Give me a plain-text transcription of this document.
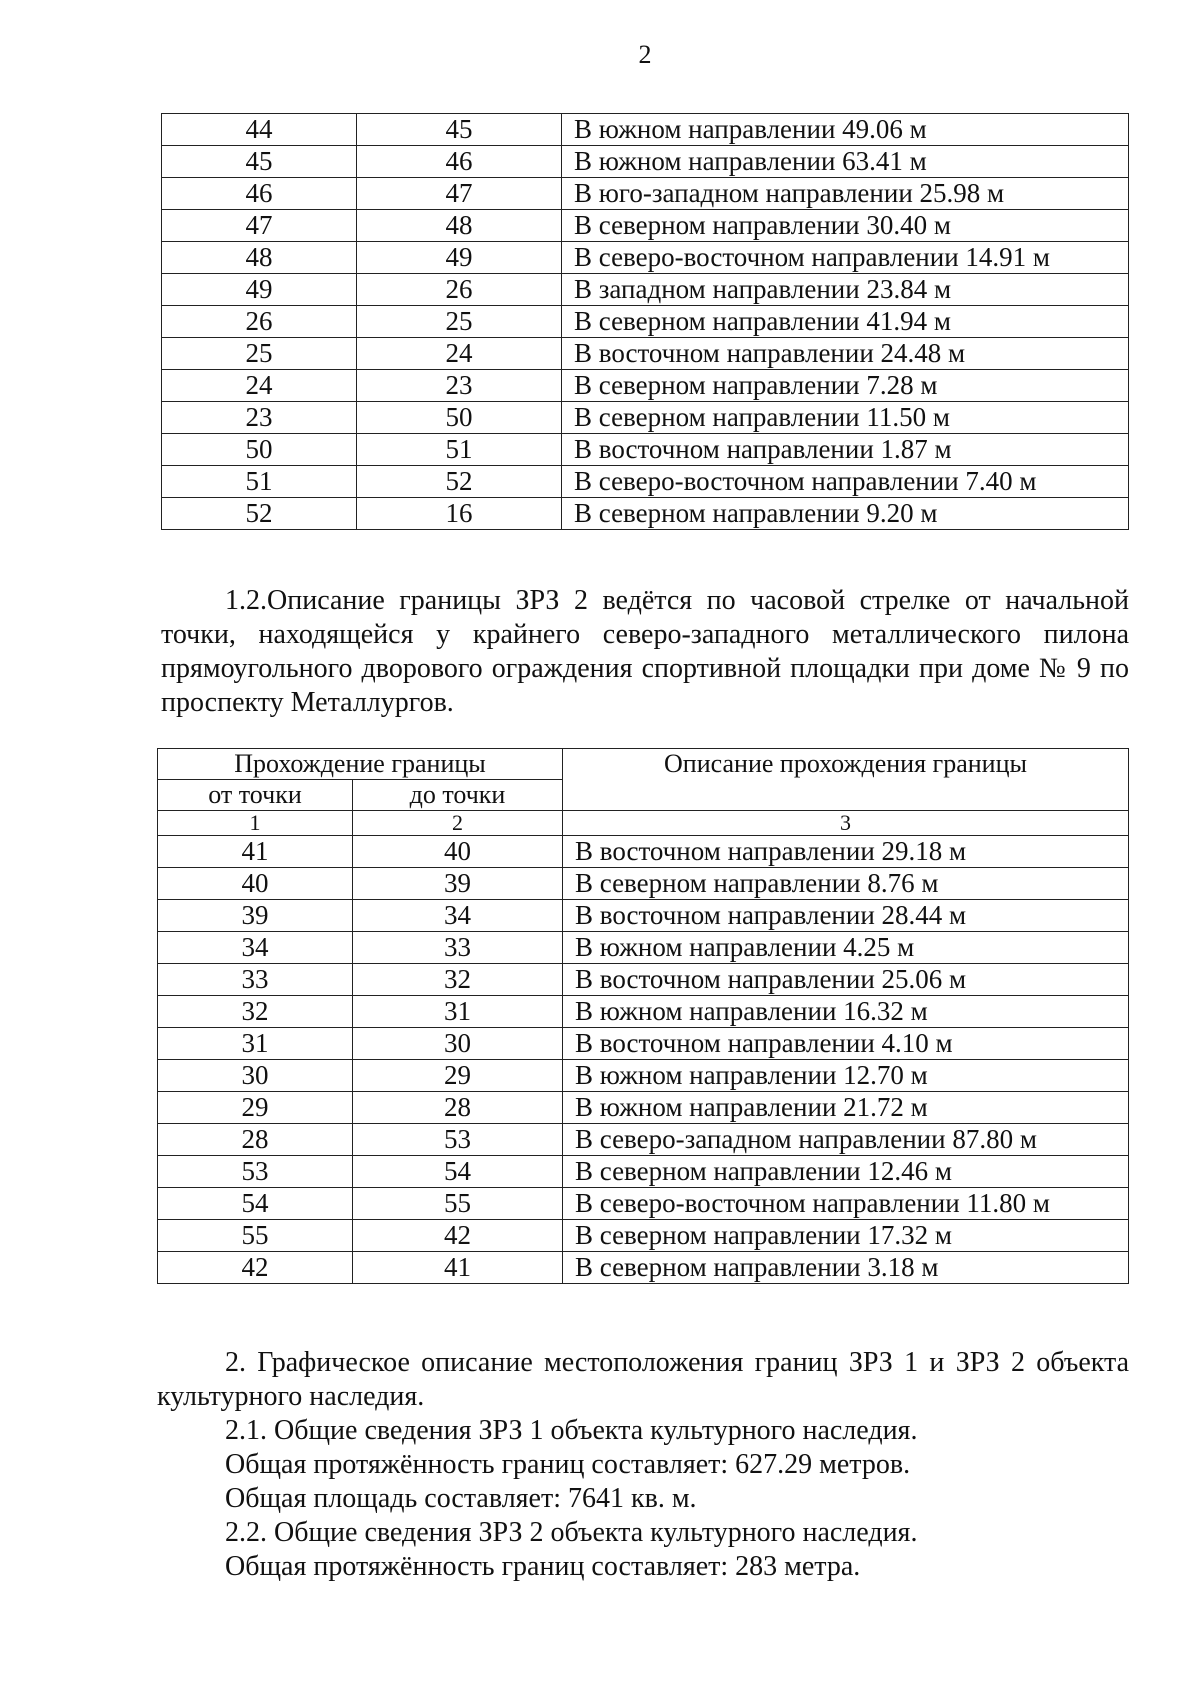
2
44	45	В южном направлении 49.06 м
45	46	В южном направлении 63.41 м
46	47	В юго-западном направлении 25.98 м
47	48	В северном направлении 30.40 м
48	49	В северо-восточном направлении 14.91 м
49	26	В западном направлении 23.84 м
26	25	В северном направлении 41.94 м
25	24	В восточном направлении 24.48 м
24	23	В северном направлении 7.28 м
23	50	В северном направлении 11.50 м
50	51	В восточном направлении 1.87 м
51	52	В северо-восточном направлении 7.40 м
52	16	В северном направлении 9.20 м
1.2.Описание границы ЗРЗ 2 ведётся по часовой стрелке от начальной
точки, находящейся у крайнего северо-западного металлического пилона
прямоугольного дворового ограждения спортивной площадки при доме № 9 по
проспекту Металлургов.
Прохождение границы		Описание прохождения границы
от точки	до точки	
1	2	3
41	40	В восточном направлении 29.18 м
40	39	В северном направлении 8.76 м
39	34	В восточном направлении 28.44 м
34	33	В южном направлении 4.25 м
33	32	В восточном направлении 25.06 м
32	31	В южном направлении 16.32 м
31	30	В восточном направлении 4.10 м
30	29	В южном направлении 12.70 м
29	28	В южном направлении 21.72 м
28	53	В северо-западном направлении 87.80 м
53	54	В северном направлении 12.46 м
54	55	В северо-восточном направлении 11.80 м
55	42	В северном направлении 17.32 м
42	41	В северном направлении 3.18 м
2. Графическое описание местоположения границ ЗРЗ 1 и ЗРЗ 2 объекта
культурного наследия.
2.1. Общие сведения ЗРЗ 1 объекта культурного наследия.
Общая протяжённость границ составляет: 627.29 метров.
Общая площадь составляет: 7641 кв. м.
2.2. Общие сведения ЗРЗ 2 объекта культурного наследия.
Общая протяжённость границ составляет: 283 метра.
